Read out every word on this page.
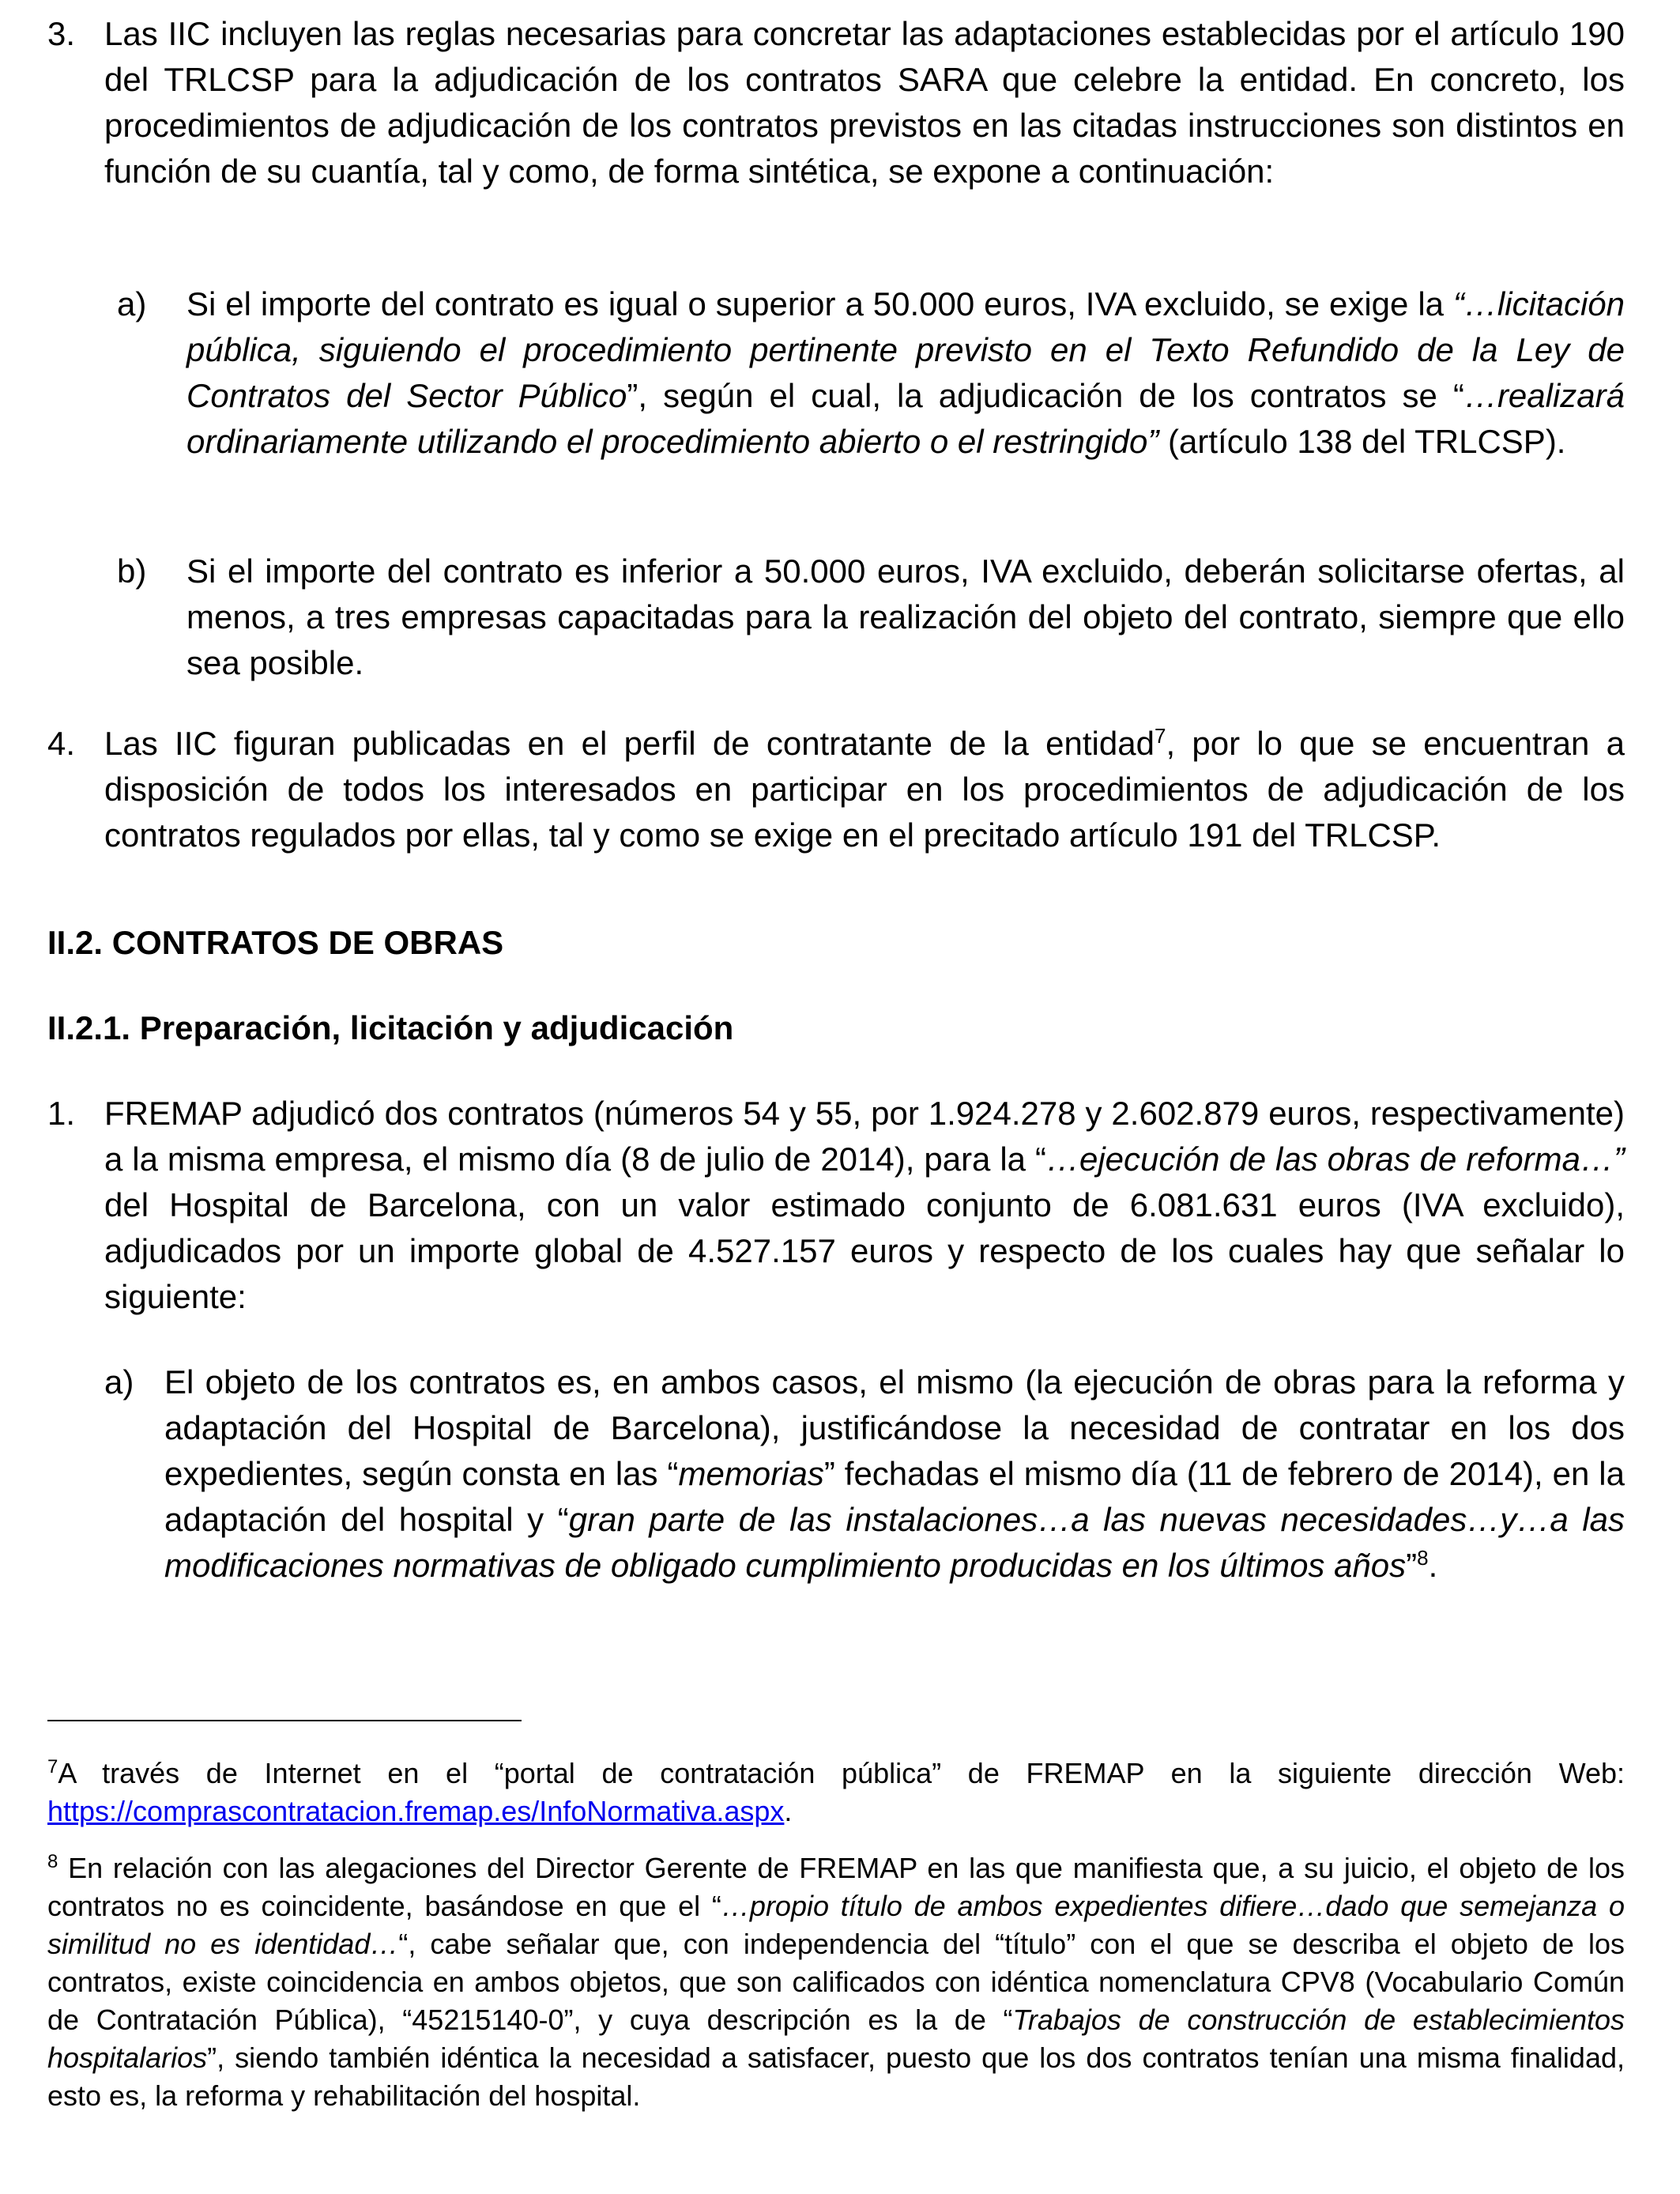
3. Las IIC incluyen las reglas necesarias para concretar las adaptaciones establecidas por el artículo 190 del TRLCSP para la adjudicación de los contratos SARA que celebre la entidad. En concreto, los procedimientos de adjudicación de los contratos previstos en las citadas instrucciones son distintos en función de su cuantía, tal y como, de forma sintética, se expone a continuación:
a) Si el importe del contrato es igual o superior a 50.000 euros, IVA excluido, se exige la “…licitación pública, siguiendo el procedimiento pertinente previsto en el Texto Refundido de la Ley de Contratos del Sector Público”, según el cual, la adjudicación de los contratos se “…realizará ordinariamente utilizando el procedimiento abierto o el restringido” (artículo 138 del TRLCSP).
b) Si el importe del contrato es inferior a 50.000 euros, IVA excluido, deberán solicitarse ofertas, al menos, a tres empresas capacitadas para la realización del objeto del contrato, siempre que ello sea posible.
4. Las IIC figuran publicadas en el perfil de contratante de la entidad$^7$, por lo que se encuentran a disposición de todos los interesados en participar en los procedimientos de adjudicación de los contratos regulados por ellas, tal y como se exige en el precitado artículo 191 del TRLCSP.
II.2. CONTRATOS DE OBRAS
II.2.1. Preparación, licitación y adjudicación
1. FREMAP adjudicó dos contratos (números 54 y 55, por 1.924.278 y 2.602.879 euros, respectivamente) a la misma empresa, el mismo día (8 de julio de 2014), para la “…ejecución de las obras de reforma…” del Hospital de Barcelona, con un valor estimado conjunto de 6.081.631 euros (IVA excluido), adjudicados por un importe global de 4.527.157 euros y respecto de los cuales hay que señalar lo siguiente:
a) El objeto de los contratos es, en ambos casos, el mismo (la ejecución de obras para la reforma y adaptación del Hospital de Barcelona), justificándose la necesidad de contratar en los dos expedientes, según consta en las “memorias” fechadas el mismo día (11 de febrero de 2014), en la adaptación del hospital y “gran parte de las instalaciones…a las nuevas necesidades…y…a las modificaciones normativas de obligado cumplimiento producidas en los últimos años”$^8$.
$^7$A través de Internet en el “portal de contratación pública” de FREMAP en la siguiente dirección Web: https://comprascontratacion.fremap.es/InfoNormativa.aspx.
$^8$ En relación con las alegaciones del Director Gerente de FREMAP en las que manifiesta que, a su juicio, el objeto de los contratos no es coincidente, basándose en que el “…propio título de ambos expedientes difiere…dado que semejanza o similitud no es identidad…“, cabe señalar que, con independencia del “título” con el que se describa el objeto de los contratos, existe coincidencia en ambos objetos, que son calificados con idéntica nomenclatura CPV8 (Vocabulario Común de Contratación Pública), “45215140-0”, y cuya descripción es la de “Trabajos de construcción de establecimientos hospitalarios”, siendo también idéntica la necesidad a satisfacer, puesto que los dos contratos tenían una misma finalidad, esto es, la reforma y rehabilitación del hospital.
